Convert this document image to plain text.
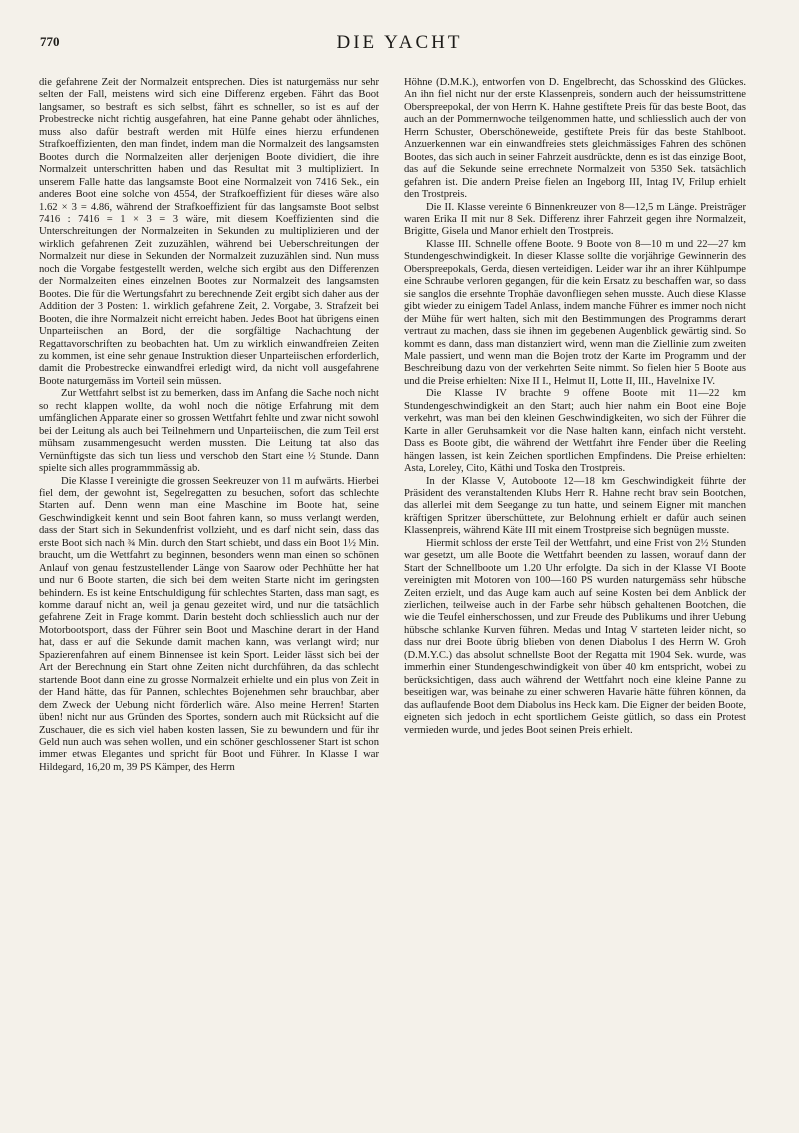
770	DIE YACHT

die gefahrene Zeit der Normalzeit entsprechen. Dies ist naturgemäss nur sehr selten der Fall, meistens wird sich eine Differenz ergeben. Fährt das Boot langsamer, so bestraft es sich selbst, fährt es schneller, so ist es auf der Probestrecke nicht richtig ausgefahren, hat eine Panne gehabt oder ähnliches, muss also dafür bestraft werden mit Hülfe eines hierzu erfundenen Strafkoeffizienten, den man findet, indem man die Normalzeit des langsamsten Bootes durch die Normalzeiten aller derjenigen Boote dividiert, die ihre Normalzeit unterschritten haben und das Resultat mit 3 multipliziert. In unserem Falle hatte das langsamste Boot eine Normalzeit von 7416 Sek., ein anderes Boot eine solche von 4554, der Strafkoeffizient für dieses wäre also 1.62 × 3 = 4.86, während der Strafkoeffizient für das langsamste Boot selbst 7416 : 7416 = 1 × 3 = 3 wäre, mit diesem Koeffizienten sind die Unterschreitungen der Normalzeiten in Sekunden zu multiplizieren und der wirklich gefahrenen Zeit zuzuzählen, während bei Ueberschreitungen der Normalzeit nur diese in Sekunden der Normalzeit zuzuzählen sind. Nun muss noch die Vorgabe festgestellt werden, welche sich ergibt aus den Differenzen der Normalzeiten eines einzelnen Bootes zur Normalzeit des langsamsten Bootes. Die für die Wertungsfahrt zu berechnende Zeit ergibt sich daher aus der Addition der 3 Posten: 1. wirklich gefahrene Zeit, 2. Vorgabe, 3. Strafzeit bei Booten, die ihre Normalzeit nicht erreicht haben. Jedes Boot hat übrigens einen Unparteiischen an Bord, der die sorgfältige Nachachtung der Regattavorschriften zu beobachten hat. Um zu wirklich einwandfreien Zeiten zu kommen, ist eine sehr genaue Instruktion dieser Unparteiischen erforderlich, damit die Probestrecke einwandfrei erledigt wird, da nicht voll ausgefahrene Boote naturgemäss im Vorteil sein müssen.

Zur Wettfahrt selbst ist zu bemerken, dass im Anfang die Sache noch nicht so recht klappen wollte, da wohl noch die nötige Erfahrung mit dem umfänglichen Apparate einer so grossen Wettfahrt fehlte und zwar nicht sowohl bei der Leitung als auch bei Teilnehmern und Unparteiischen, die zum Teil erst mühsam zusammengesucht werden mussten. Die Leitung tat also das Vernünftigste das sich tun liess und verschob den Start eine ½ Stunde. Dann spielte sich alles programmmässig ab.

Die Klasse I vereinigte die grossen Seekreuzer von 11 m aufwärts. Hierbei fiel dem, der gewohnt ist, Segelregatten zu besuchen, sofort das schlechte Starten auf. Denn wenn man eine Maschine im Boote hat, seine Geschwindigkeit kennt und sein Boot fahren kann, so muss verlangt werden, dass der Start sich in Sekundenfrist vollzieht, und es darf nicht sein, dass das erste Boot sich nach ¾ Min. durch den Start schiebt, und dass ein Boot 1½ Min. braucht, um die Wettfahrt zu beginnen, besonders wenn man einen so schönen Anlauf von genau festzustellender Länge von Saarow oder Pechhütte her hat und nur 6 Boote starten, die sich bei dem weiten Starte nicht im geringsten behindern. Es ist keine Entschuldigung für schlechtes Starten, dass man sagt, es komme darauf nicht an, weil ja genau gezeitet wird, und nur die tatsächlich gefahrene Zeit in Frage kommt. Darin besteht doch schliesslich auch nur der Motorbootsport, dass der Führer sein Boot und Maschine derart in der Hand hat, dass er auf die Sekunde damit machen kann, was verlangt wird; nur Spazierenfahren auf einem Binnensee ist kein Sport. Leider lässt sich bei der Art der Berechnung ein Start ohne Zeiten nicht durchführen, da das schlecht startende Boot dann eine zu grosse Normalzeit erhielte und ein plus von Zeit in der Hand hätte, das für Pannen, schlechtes Bojenehmen sehr brauchbar, aber dem Zweck der Uebung nicht förderlich wäre. Also meine Herren! Starten üben! nicht nur aus Gründen des Sportes, sondern auch mit Rücksicht auf die Zuschauer, die es sich viel haben kosten lassen, Sie zu bewundern und für ihr Geld nun auch was sehen wollen, und ein schöner geschlossener Start ist schon immer etwas Elegantes und spricht für Boot und Führer. In Klasse I war Hildegard, 16,20 m, 39 PS Kämper, des Herrn

Höhne (D.M.K.), entworfen von D. Engelbrecht, das Schosskind des Glückes. An ihn fiel nicht nur der erste Klassenpreis, sondern auch der heissumstrittene Oberspreepokal, der von Herrn K. Hahne gestiftete Preis für das beste Boot, das auch an der Pommernwoche teilgenommen hatte, und schliesslich auch der von Herrn Schuster, Oberschöneweide, gestiftete Preis für das beste Stahlboot. Anzuerkennen war ein einwandfreies stets gleichmässiges Fahren des schönen Bootes, das sich auch in seiner Fahrzeit ausdrückte, denn es ist das einzige Boot, das auf die Sekunde seine errechnete Normalzeit von 5350 Sek. tatsächlich gefahren ist. Die andern Preise fielen an Ingeborg III, Intag IV, Frilup erhielt den Trostpreis.

Die II. Klasse vereinte 6 Binnenkreuzer von 8—12,5 m Länge. Preisträger waren Erika II mit nur 8 Sek. Differenz ihrer Fahrzeit gegen ihre Normalzeit, Brigitte, Gisela und Manor erhielt den Trostpreis.

Klasse III. Schnelle offene Boote. 9 Boote von 8—10 m und 22—27 km Stundengeschwindigkeit. In dieser Klasse sollte die vorjährige Gewinnerin des Oberspreepokals, Gerda, diesen verteidigen. Leider war ihr an ihrer Kühlpumpe eine Schraube verloren gegangen, für die kein Ersatz zu beschaffen war, so dass sie sanglos die ersehnte Trophäe davonfliegen sehen musste. Auch diese Klasse gibt wieder zu einigem Tadel Anlass, indem manche Führer es immer noch nicht der Mühe für wert halten, sich mit den Bestimmungen des Programms derart vertraut zu machen, dass sie ihnen im gegebenen Augenblick gewärtig sind. So kommt es dann, dass man distanziert wird, wenn man die Ziellinie zum zweiten Male passiert, und wenn man die Bojen trotz der Karte im Programm und der Beschreibung dazu von der verkehrten Seite nimmt. So fielen hier 5 Boote aus und die Preise erhielten: Nixe II I., Helmut II, Lotte II, III., Havelnixe IV.

Die Klasse IV brachte 9 offene Boote mit 11—22 km Stundengeschwindigkeit an den Start; auch hier nahm ein Boot eine Boje verkehrt, was man bei den kleinen Geschwindigkeiten, wo sich der Führer die Karte in aller Geruhsamkeit vor die Nase halten kann, einfach nicht versteht. Dass es Boote gibt, die während der Wettfahrt ihre Fender über die Reeling hängen lassen, ist kein Zeichen sportlichen Empfindens. Die Preise erhielten: Asta, Loreley, Cito, Käthi und Toska den Trostpreis.

In der Klasse V, Autoboote 12—18 km Geschwindigkeit führte der Präsident des veranstaltenden Klubs Herr R. Hahne recht brav sein Bootchen, das allerlei mit dem Seegange zu tun hatte, und seinem Eigner mit manchen kräftigen Spritzer überschüttete, zur Belohnung erhielt er dafür auch seinen Klassenpreis, während Käte III mit einem Trostpreise sich begnügen musste.

Hiermit schloss der erste Teil der Wettfahrt, und eine Frist von 2½ Stunden war gesetzt, um alle Boote die Wettfahrt beenden zu lassen, worauf dann der Start der Schnellboote um 1.20 Uhr erfolgte. Da sich in der Klasse VI Boote vereinigten mit Motoren von 100—160 PS wurden naturgemäss sehr hübsche Zeiten erzielt, und das Auge kam auch auf seine Kosten bei dem Anblick der zierlichen, teilweise auch in der Farbe sehr hübsch gehaltenen Bootchen, die wie die Teufel einherschossen, und zur Freude des Publikums und ihrer Uebung hübsche schlanke Kurven führen. Medas und Intag V starteten leider nicht, so dass nur drei Boote übrig blieben von denen Diabolus I des Herrn W. Groh (D.M.Y.C.) das absolut schnellste Boot der Regatta mit 1904 Sek. wurde, was immerhin einer Stundengeschwindigkeit von über 40 km entspricht, wobei zu berücksichtigen, dass auch während der Wettfahrt noch eine kleine Panne zu beseitigen war, was beinahe zu einer schweren Havarie hätte führen können, da das auflaufende Boot dem Diabolus ins Heck kam. Die Eigner der beiden Boote, eigneten sich jedoch in echt sportlichem Geiste gütlich, so dass ein Protest vermieden wurde, und jedes Boot seinen Preis erhielt.
